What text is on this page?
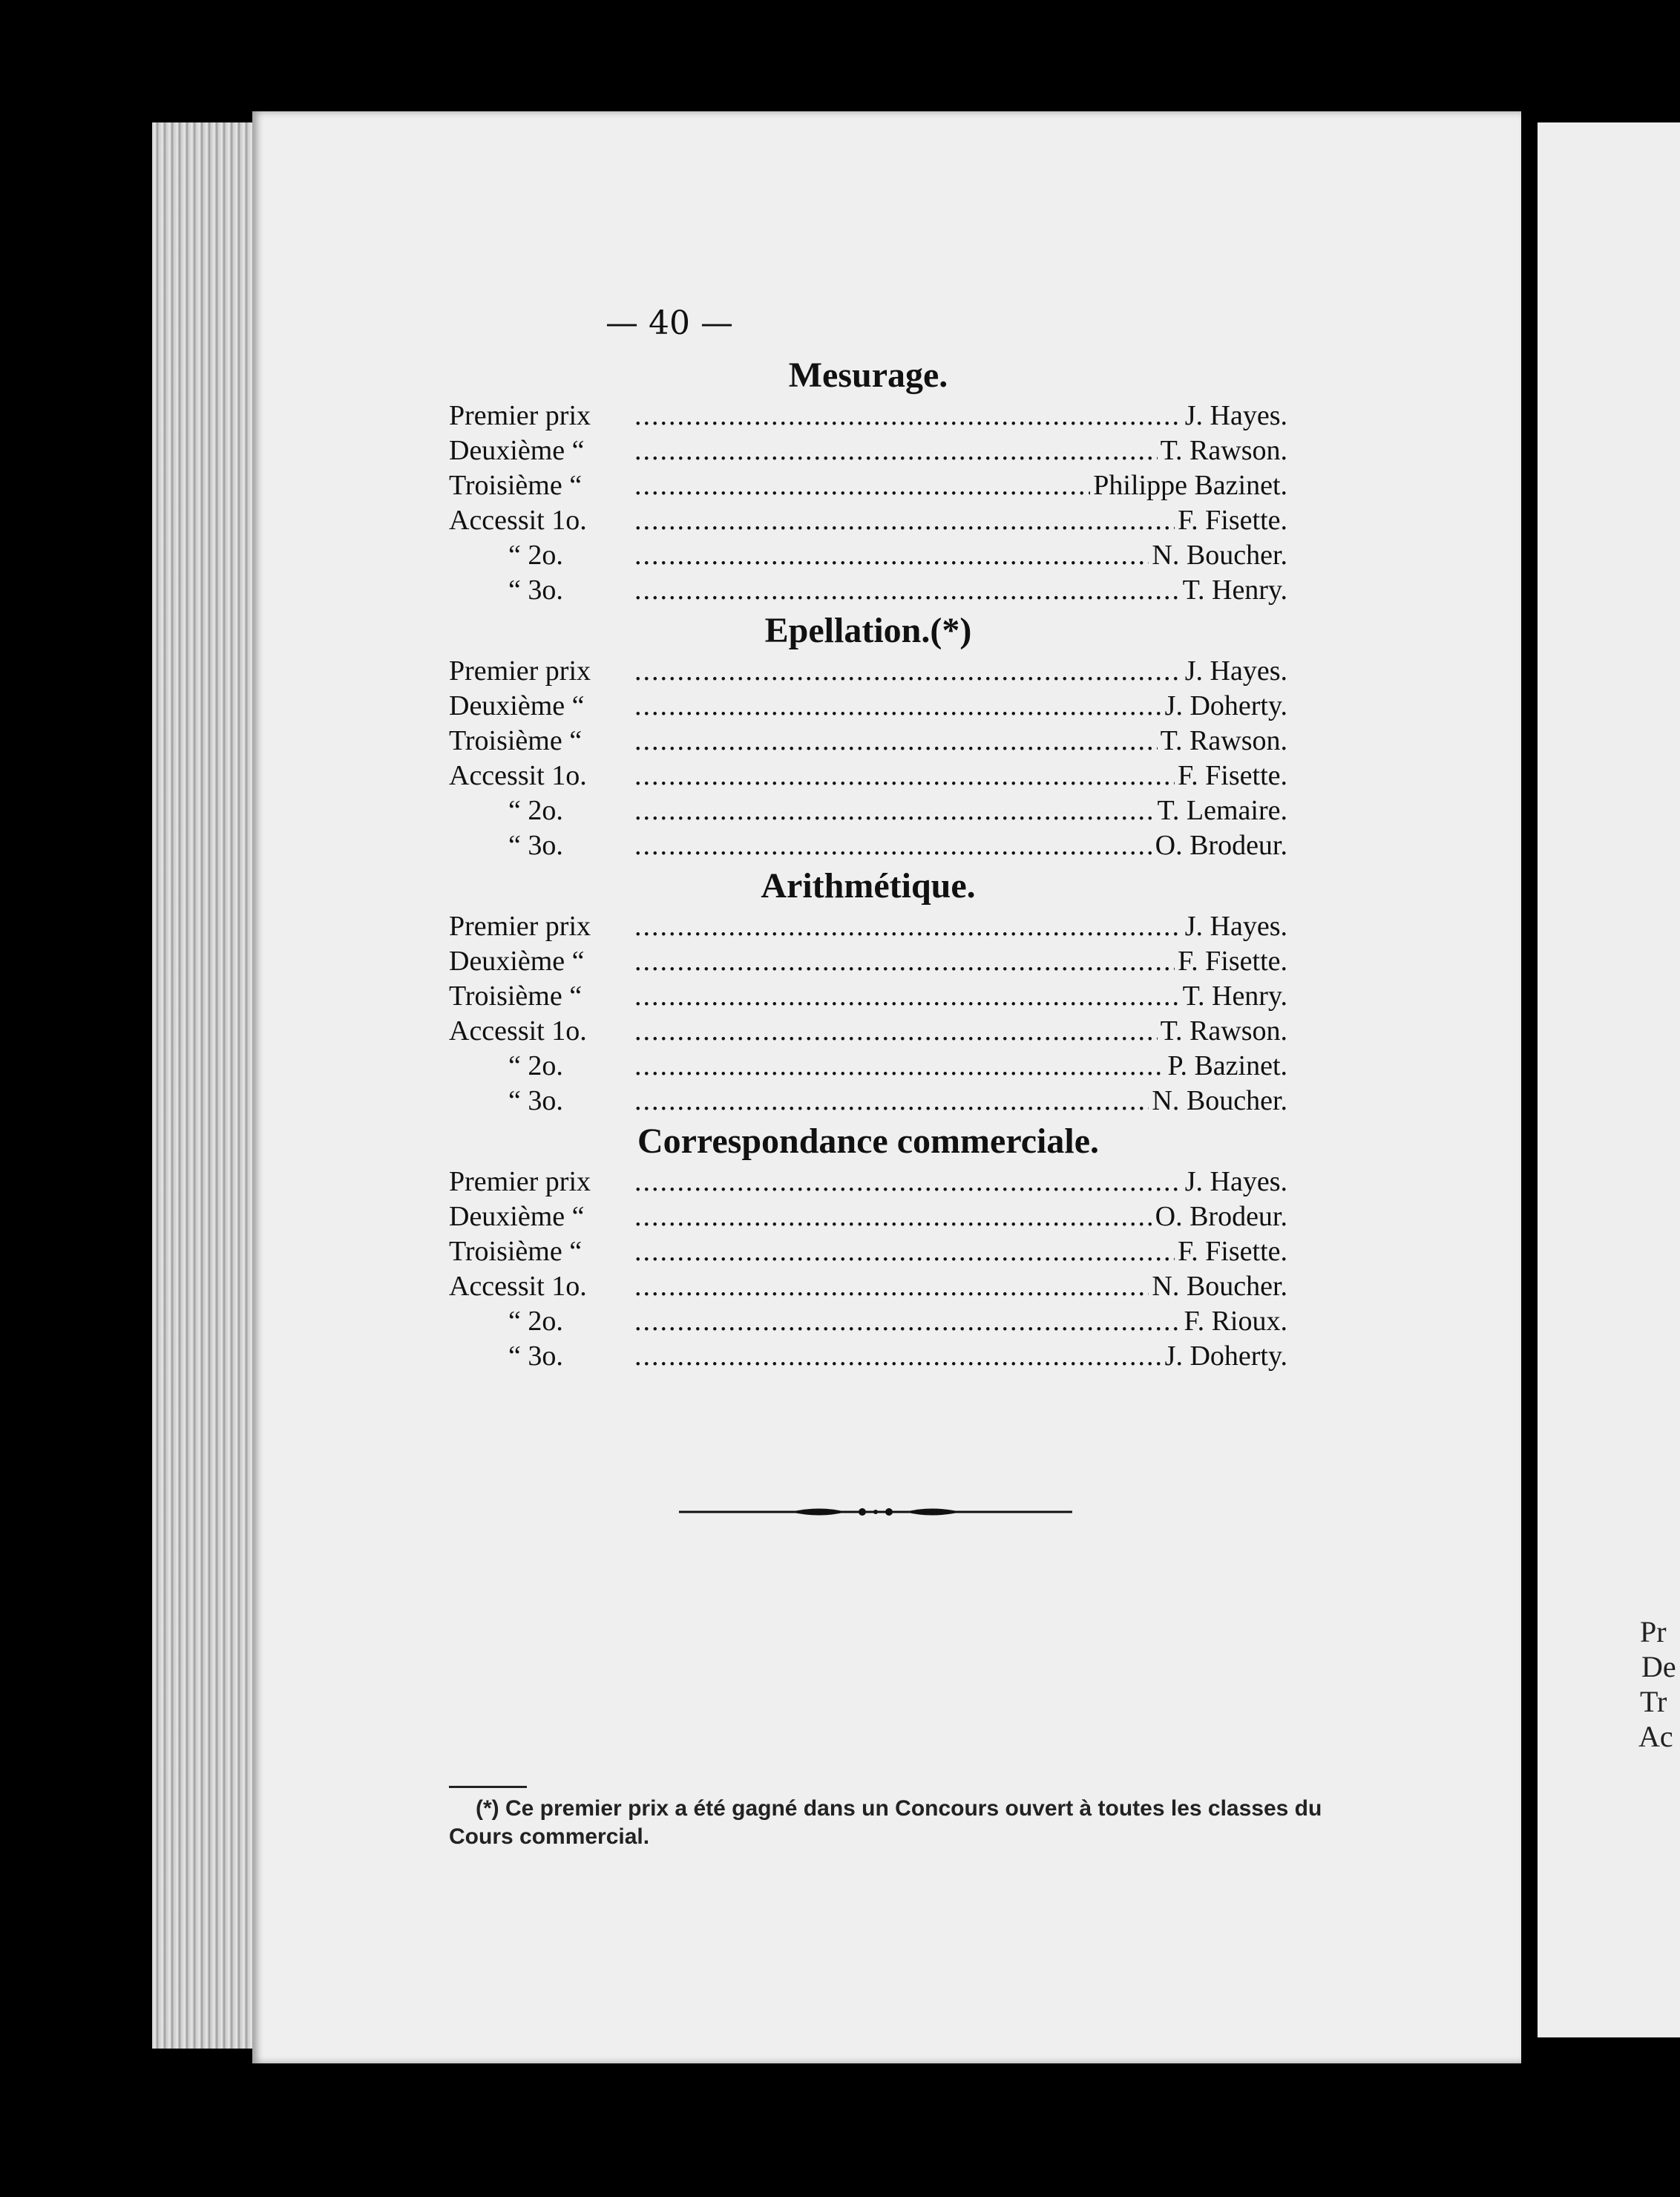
Pr
De
Tr
Ac
— 40 —
Mesurage.
Premier prix .....	J. Hayes.
Deuxième “ .....	T. Rawson.
Troisième “ .....	Philippe Bazinet.
Accessit 1o. .....	F. Fisette.
“ 2o. .....	N. Boucher.
“ 3o. .....	T. Henry.
Epellation.(*)
Premier prix .....	J. Hayes.
Deuxième “ .....	J. Doherty.
Troisième “ .....	T. Rawson.
Accessit 1o. .....	F. Fisette.
“ 2o. .....	T. Lemaire.
“ 3o. .....	O. Brodeur.
Arithmétique.
Premier prix .....	J. Hayes.
Deuxième “ .....	F. Fisette.
Troisième “ .....	T. Henry.
Accessit 1o. .....	T. Rawson.
“ 2o. .....	P. Bazinet.
“ 3o. .....	N. Boucher.
Correspondance commerciale.
Premier prix .....	J. Hayes.
Deuxième “ .....	O. Brodeur.
Troisième “ .....	F. Fisette.
Accessit 1o. .....	N. Boucher.
“ 2o. .....	F. Rioux.
“ 3o. .....	J. Doherty.
(*) Ce premier prix a été gagné dans un Concours ouvert à toutes les classes du Cours commercial.
